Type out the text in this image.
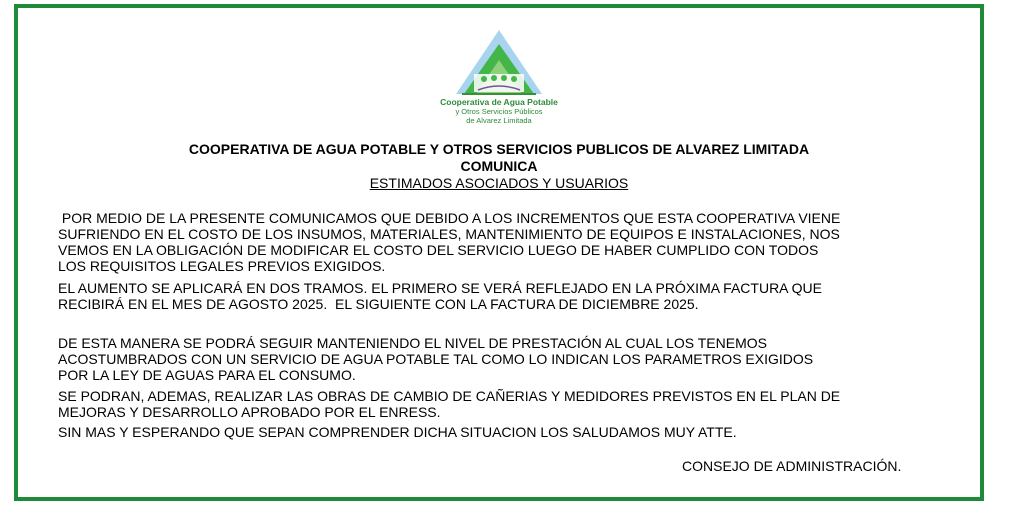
Cooperativa de Agua Potable
y Otros Servicios Públicos
de Alvarez Limitada
COOPERATIVA DE AGUA POTABLE Y OTROS SERVICIOS PUBLICOS DE ALVAREZ LIMITADA
COMUNICA
ESTIMADOS ASOCIADOS Y USUARIOS
POR MEDIO DE LA PRESENTE COMUNICAMOS QUE DEBIDO A LOS INCREMENTOS QUE ESTA COOPERATIVA VIENE
SUFRIENDO EN EL COSTO DE LOS INSUMOS, MATERIALES, MANTENIMIENTO DE EQUIPOS E INSTALACIONES, NOS
VEMOS EN LA OBLIGACIÓN DE MODIFICAR EL COSTO DEL SERVICIO LUEGO DE HABER CUMPLIDO CON TODOS
LOS REQUISITOS LEGALES PREVIOS EXIGIDOS.
EL AUMENTO SE APLICARÁ EN DOS TRAMOS. EL PRIMERO SE VERÁ REFLEJADO EN LA PRÓXIMA FACTURA QUE
RECIBIRÁ EN EL MES DE AGOSTO 2025.  EL SIGUIENTE CON LA FACTURA DE DICIEMBRE 2025.
DE ESTA MANERA SE PODRÁ SEGUIR MANTENIENDO EL NIVEL DE PRESTACIÓN AL CUAL LOS TENEMOS
ACOSTUMBRADOS CON UN SERVICIO DE AGUA POTABLE TAL COMO LO INDICAN LOS PARAMETROS EXIGIDOS
POR LA LEY DE AGUAS PARA EL CONSUMO.
SE PODRAN, ADEMAS, REALIZAR LAS OBRAS DE CAMBIO DE CAÑERIAS Y MEDIDORES PREVISTOS EN EL PLAN DE
MEJORAS Y DESARROLLO APROBADO POR EL ENRESS.
SIN MAS Y ESPERANDO QUE SEPAN COMPRENDER DICHA SITUACION LOS SALUDAMOS MUY ATTE.
CONSEJO DE ADMINISTRACIÓN.
